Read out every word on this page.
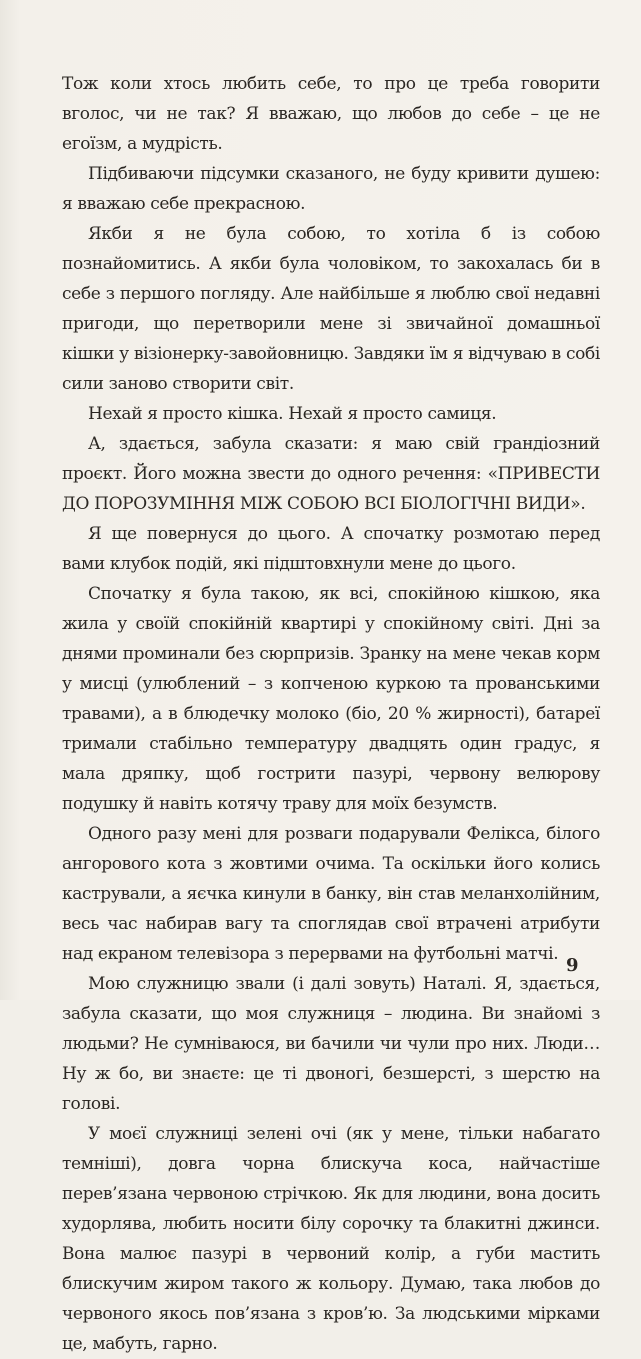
Тож коли хтось любить себе, то про це треба говорити вголос, чи не так? Я вважаю, що любов до себе – це не егоїзм, а мудрість.

Підбиваючи підсумки сказаного, не буду кривити душею: я вважаю себе прекрасною.

Якби я не була собою, то хотіла б із собою познайомитись. А якби була чоловіком, то закохалась би в себе з першого погляду. Але найбільше я люблю свої недавні пригоди, що перетворили мене зі звичайної домашньої кішки у візіонерку-завойовницю. Завдяки їм я відчуваю в собі сили заново створити світ.

Нехай я просто кішка. Нехай я просто самиця.

А, здається, забула сказати: я маю свій грандіозний проєкт. Його можна звести до одного речення: «ПРИВЕСТИ ДО ПОРОЗУМІННЯ МІЖ СОБОЮ ВСІ БІОЛОГІЧНІ ВИДИ».

Я ще повернуся до цього. А спочатку розмотаю перед вами клубок подій, які підштовхнули мене до цього.

Спочатку я була такою, як всі, спокійною кішкою, яка жила у своїй спокійній квартирі у спокійному світі. Дні за днями проминали без сюрпризів. Зранку на мене чекав корм у мисці (улюблений – з копченою куркою та прованськими травами), а в блюдечку молоко (біо, 20 % жирності), батареї тримали стабільно температуру двадцять один градус, я мала дряпку, щоб гострити пазурі, червону велюрову подушку й навіть котячу траву для моїх безумств.

Одного разу мені для розваги подарували Фелікса, білого ангорового кота з жовтими очима. Та оскільки його колись кастрували, а яєчка кинули в банку, він став меланхолійним, весь час набирав вагу та споглядав свої втрачені атрибути над екраном телевізора з перервами на футбольні матчі.

Мою служницю звали (і далі зовуть) Наталі. Я, здається, забула сказати, що моя служниця – людина. Ви знайомі з людьми? Не сумніваюся, ви бачили чи чули про них. Люди… Ну ж бо, ви знаєте: це ті двоногі, безшерсті, з шерстю на голові.

У моєї служниці зелені очі (як у мене, тільки набагато темніші), довга чорна блискуча коса, найчастіше перев’язана червоною стрічкою. Як для людини, вона досить худорлява, любить носити білу сорочку та блакитні джинси. Вона малює пазурі в червоний колір, а губи мастить блискучим жиром такого ж кольору. Думаю, така любов до червоного якось пов’язана з кров’ю. За людськими мірками це, мабуть, гарно.

9
